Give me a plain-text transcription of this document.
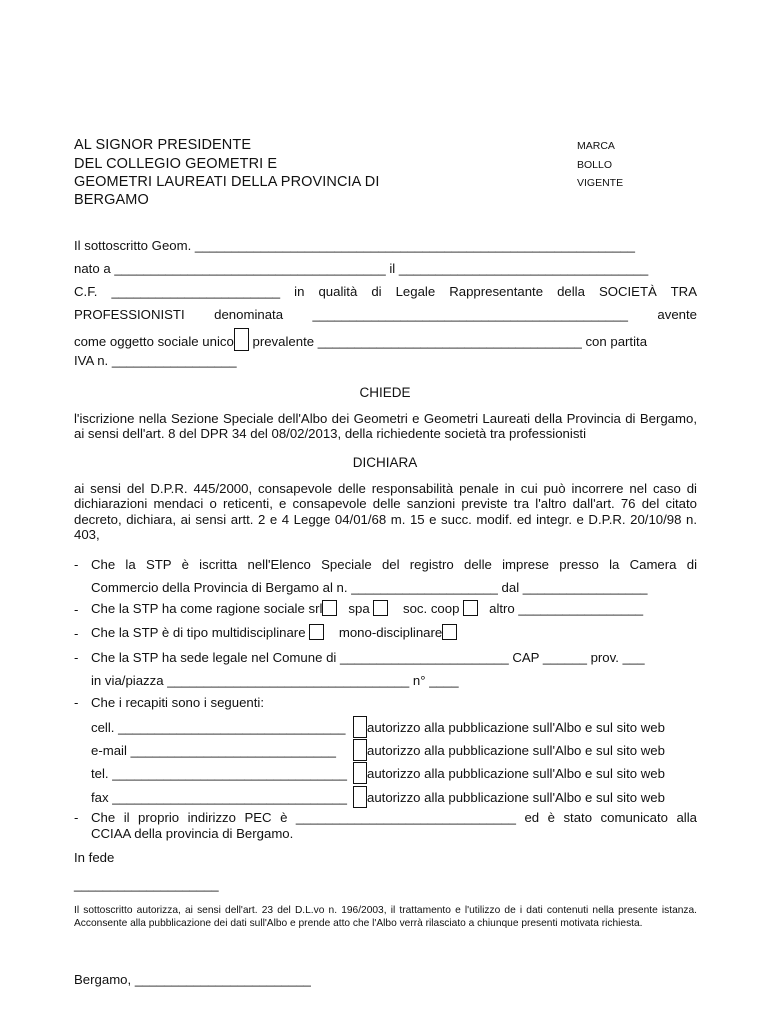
AL SIGNOR PRESIDENTE
DEL COLLEGIO GEOMETRI E
GEOMETRI LAUREATI DELLA PROVINCIA DI
BERGAMO
MARCA
BOLLO
VIGENTE
Il sottoscritto Geom. ____________________________________________________________
nato a _____________________________________ il __________________________________
C.F. _______________________ in qualità di Legale Rappresentante della SOCIETÀ TRA
PROFESSIONISTI denominata ___________________________________________ avente
come oggetto sociale unico prevalente ____________________________________ con partita
IVA n. _________________
CHIEDE
l'iscrizione nella Sezione Speciale dell'Albo dei Geometri e Geometri Laureati della Provincia di Bergamo, ai sensi dell'art. 8 del DPR 34 del 08/02/2013, della richiedente società tra professionisti
DICHIARA
ai sensi del D.P.R. 445/2000, consapevole delle responsabilità penale in cui può incorrere nel caso di dichiarazioni mendaci o reticenti, e consapevole delle sanzioni previste tra l'altro dall'art. 76 del citato decreto, dichiara, ai sensi artt. 2 e 4 Legge 04/01/68 m. 15 e succ. modif. ed integr. e D.P.R. 20/10/98 n. 403,
- Che la STP è iscritta nell'Elenco Speciale del registro delle imprese presso la Camera di
Commercio della Provincia di Bergamo al n. ____________________ dal _________________
- Che la STP ha come ragione sociale srl spa	soc. coop altro _________________
- Che la STP è di tipo multidisciplinare	mono-disciplinare
- Che la STP ha sede legale nel Comune di _______________________ CAP ______ prov. ___
in via/piazza _________________________________ n° ____
- Che i recapiti sono i seguenti:
cell. _______________________________ autorizzo alla pubblicazione sull'Albo e sul sito web
e-mail ____________________________ autorizzo alla pubblicazione sull'Albo e sul sito web
tel. ________________________________ autorizzo alla pubblicazione sull'Albo e sul sito web
fax ________________________________ autorizzo alla pubblicazione sull'Albo e sul sito web
- Che il proprio indirizzo PEC è ______________________________ ed è stato comunicato alla
CCIAA della provincia di Bergamo.
In fede
____________________
Il sottoscritto autorizza, ai sensi dell'art. 23 del D.L.vo n. 196/2003, il trattamento e l'utilizzo de i dati contenuti nella presente istanza. Acconsente alla pubblicazione dei dati sull'Albo e prende atto che l'Albo verrà rilasciato a chiunque presenti motivata richiesta.
Bergamo, ________________________
